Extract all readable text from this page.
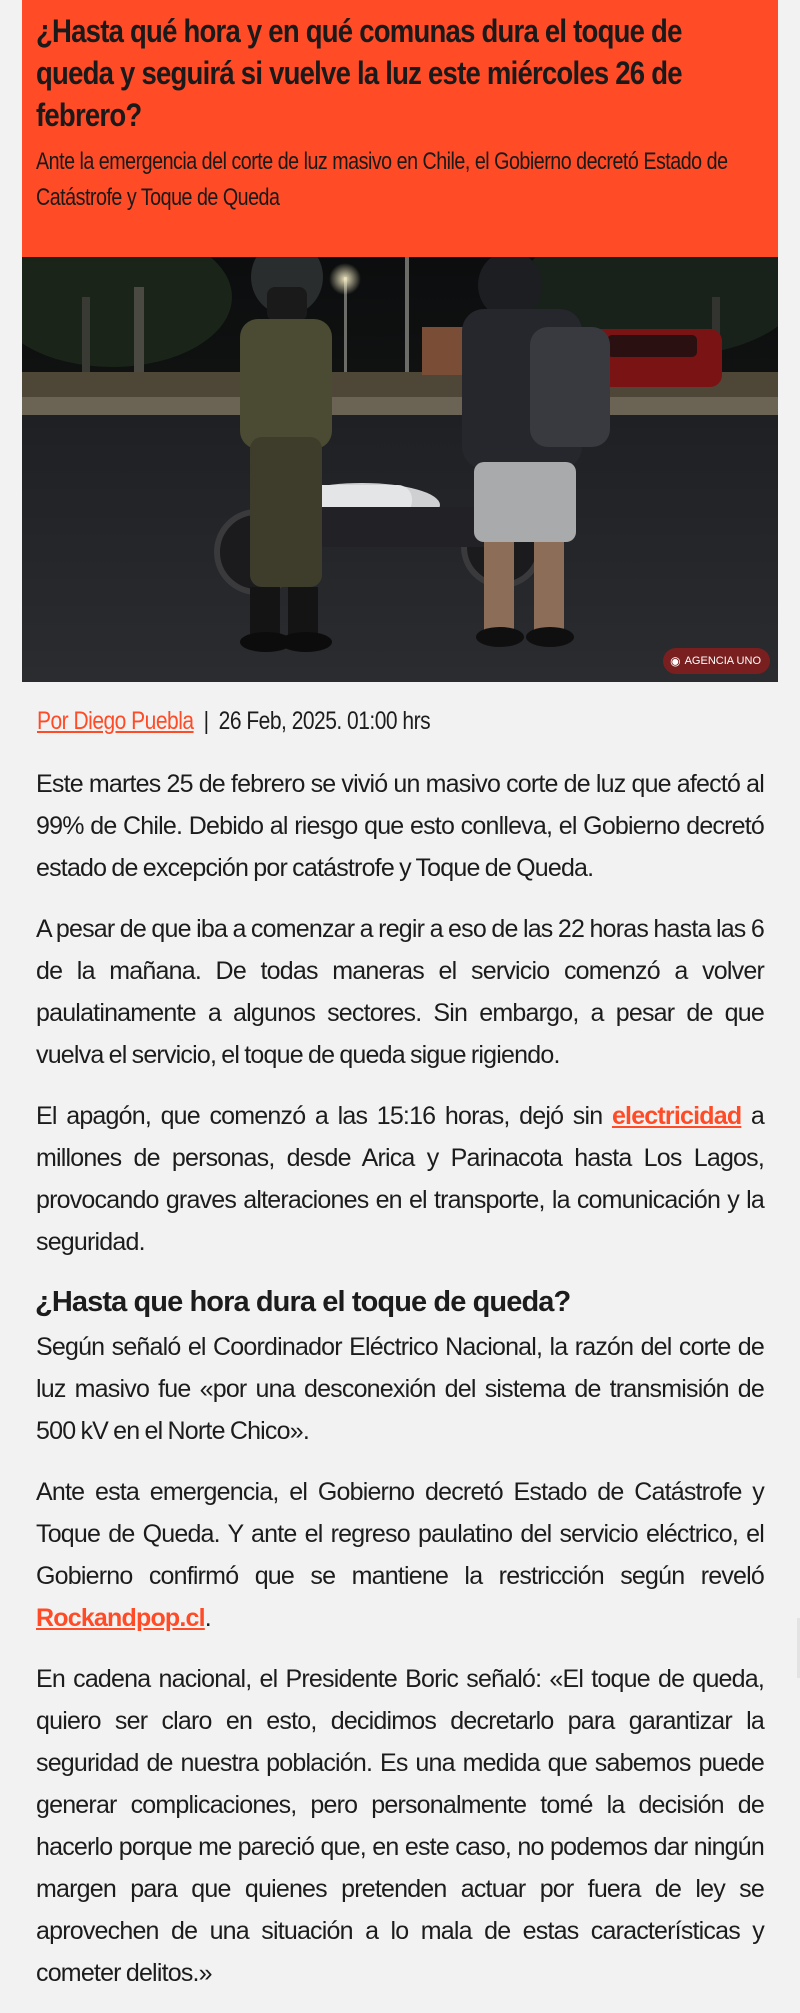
¿Hasta qué hora y en qué comunas dura el toque de queda y seguirá si vuelve la luz este miércoles 26 de febrero?

Ante la emergencia del corte de luz masivo en Chile, el Gobierno decretó Estado de Catástrofe y Toque de Queda

◉ AGENCIA UNO
Por Diego Puebla | 26 Feb, 2025. 01:00 hrs

Este martes 25 de febrero se vivió un masivo corte de luz que afectó al 99% de Chile. Debido al riesgo que esto conlleva, el Gobierno decretó estado de excepción por catástrofe y Toque de Queda.

A pesar de que iba a comenzar a regir a eso de las 22 horas hasta las 6 de la mañana. De todas maneras el servicio comenzó a volver paulatinamente a algunos sectores. Sin embargo, a pesar de que vuelva el servicio, el toque de queda sigue rigiendo.

El apagón, que comenzó a las 15:16 horas, dejó sin electricidad a millones de personas, desde Arica y Parinacota hasta Los Lagos, provocando graves alteraciones en el transporte, la comunicación y la seguridad.

¿Hasta que hora dura el toque de queda?

Según señaló el Coordinador Eléctrico Nacional, la razón del corte de luz masivo fue «por una desconexión del sistema de transmisión de 500 kV en el Norte Chico».

Ante esta emergencia, el Gobierno decretó Estado de Catástrofe y Toque de Queda. Y ante el regreso paulatino del servicio eléctrico, el Gobierno confirmó que se mantiene la restricción según reveló Rockandpop.cl.

En cadena nacional, el Presidente Boric señaló: «El toque de queda, quiero ser claro en esto, decidimos decretarlo para garantizar la seguridad de nuestra población. Es una medida que sabemos puede generar complicaciones, pero personalmente tomé la decisión de hacerlo porque me pareció que, en este caso, no podemos dar ningún margen para que quienes pretenden actuar por fuera de ley se aprovechen de una situación a lo mala de estas características y cometer delitos.»
